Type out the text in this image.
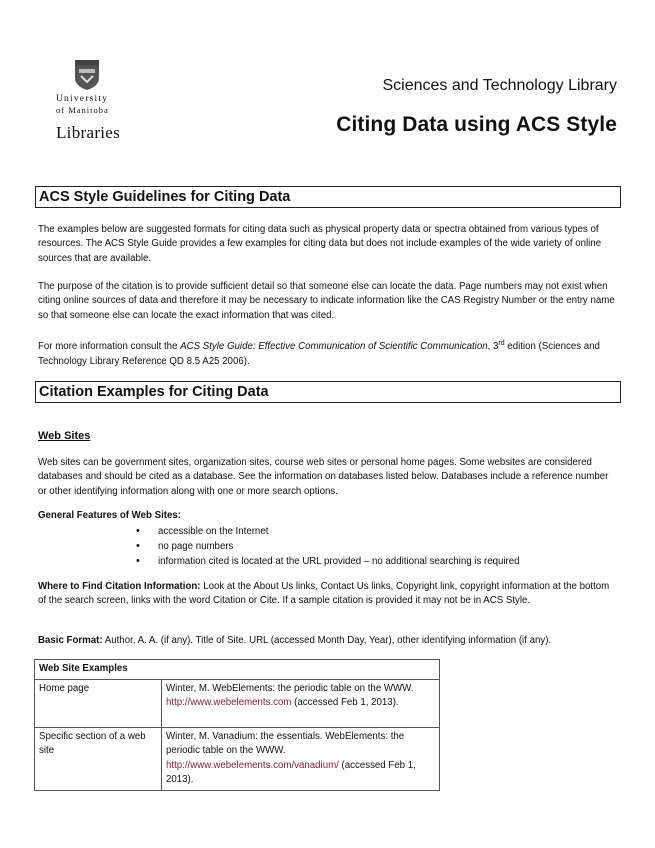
University
of Manitoba
Libraries
Sciences and Technology Library
Citing Data using ACS Style
ACS Style Guidelines for Citing Data
The examples below are suggested formats for citing data such as physical property data or spectra obtained from various types of resources. The ACS Style Guide provides a few examples for citing data but does not include examples of the wide variety of online sources that are available.
The purpose of the citation is to provide sufficient detail so that someone else can locate the data. Page numbers may not exist when citing online sources of data and therefore it may be necessary to indicate information like the CAS Registry Number or the entry name so that someone else can locate the exact information that was cited.
For more information consult the ACS Style Guide: Effective Communication of Scientific Communication, 3rd edition (Sciences and Technology Library Reference QD 8.5 A25 2006).
Citation Examples for Citing Data
Web Sites
Web sites can be government sites, organization sites, course web sites or personal home pages. Some websites are considered databases and should be cited as a database. See the information on databases listed below. Databases include a reference number or other identifying information along with one or more search options.
General Features of Web Sites:
• accessible on the Internet
• no page numbers
• information cited is located at the URL provided – no additional searching is required
Where to Find Citation Information: Look at the About Us links, Contact Us links, Copyright link, copyright information at the bottom of the search screen, links with the word Citation or Cite. If a sample citation is provided it may not be in ACS Style.
Basic Format: Author, A. A. (if any). Title of Site. URL (accessed Month Day, Year), other identifying information (if any).
Web Site Examples	
Home page	Winter, M. WebElements: the periodic table on the WWW. http://www.webelements.com (accessed Feb 1, 2013).
Specific section of a web site	Winter, M. Vanadium: the essentials. WebElements: the periodic table on the WWW. http://www.webelements.com/vanadium/ (accessed Feb 1, 2013).
